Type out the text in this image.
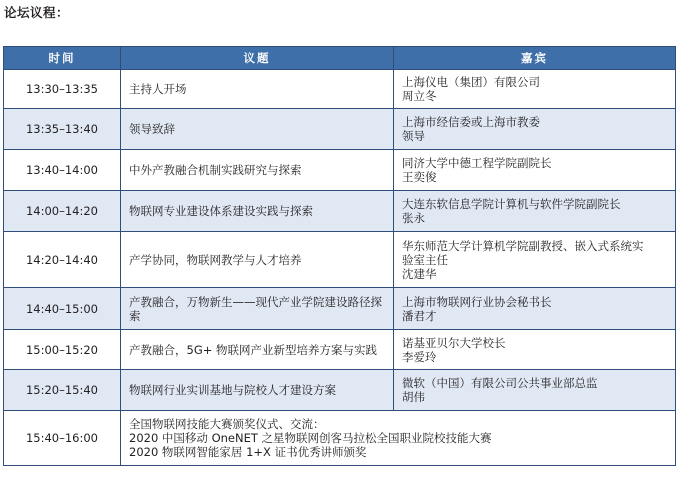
论坛议程：
时间	议题	嘉宾
13:30–13:35	主持人开场	上海仪电（集团）有限公司
周立冬

13:35–13:40	领导致辞	上海市经信委或上海市教委
领导

13:40–14:00	中外产教融合机制实践研究与探索	同济大学中德工程学院副院长
王奕俊

14:00–14:20	物联网专业建设体系建设实践与探索	大连东软信息学院计算机与软件学院副院长
张永

14:20–14:40	产学协同，物联网教学与人才培养	华东师范大学计算机学院副教授、嵌入式系统实
验室主任
沈建华

14:40–15:00	产教融合，万物新生——现代产业学院建设路径探索	上海市物联网行业协会秘书长
潘君才

15:00–15:20	产教融合，5G+ 物联网产业新型培养方案与实践	诺基亚贝尔大学校长
李爱玲

15:20–15:40	物联网行业实训基地与院校人才建设方案	微软（中国）有限公司公共事业部总监
胡伟

15:40–16:00	全国物联网技能大赛颁奖仪式、交流：
2020 中国移动 OneNET 之星物联网创客马拉松全国职业院校技能大赛
2020 物联网智能家居 1+X 证书优秀讲师颁奖	
